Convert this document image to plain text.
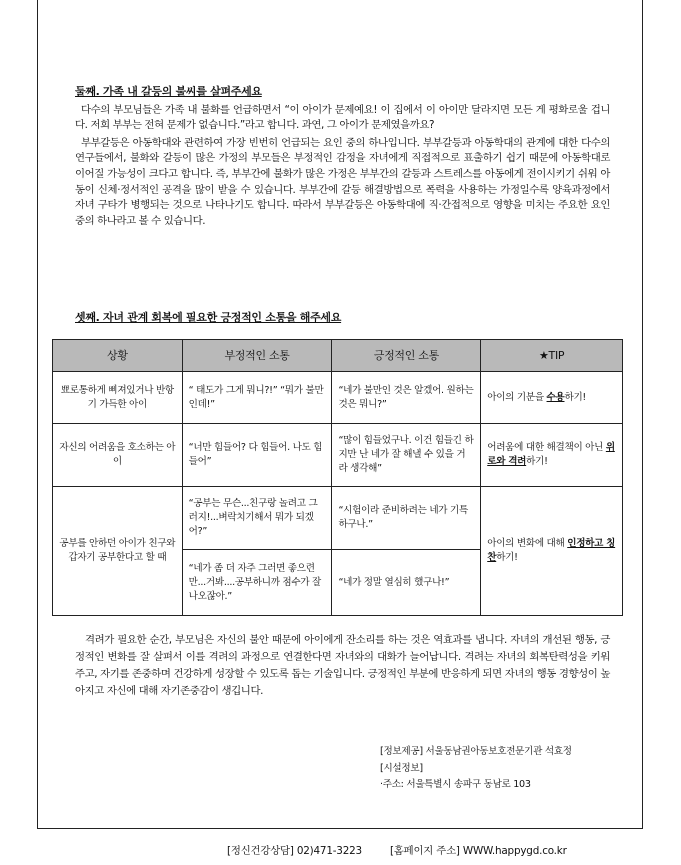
둘째. 가족 내 갈등의 불씨를 살펴주세요

다수의 부모님들은 가족 내 불화를 언급하면서 “이 아이가 문제예요! 이 집에서 이 아이만 달라지면 모든 게 평화로울 겁니다. 저희 부부는 전혀 문제가 없습니다.”라고 합니다. 과연, 그 아이가 문제였을까요?

부부갈등은 아동학대와 관련하여 가장 빈번히 언급되는 요인 중의 하나입니다. 부부갈등과 아동학대의 관계에 대한 다수의 연구들에서, 불화와 갈등이 많은 가정의 부모들은 부정적인 감정을 자녀에게 직접적으로 표출하기 쉽기 때문에 아동학대로 이어질 가능성이 크다고 합니다. 즉, 부부간에 불화가 많은 가정은 부부간의 갈등과 스트레스를 아동에게 전이시키기 쉬워 아동이 신체·정서적인 공격을 많이 받을 수 있습니다. 부부간에 갈등 해결방법으로 폭력을 사용하는 가정일수록 양육과정에서 자녀 구타가 병행되는 것으로 나타나기도 합니다. 따라서 부부갈등은 아동학대에 직·간접적으로 영향을 미치는 주요한 요인 중의 하나라고 볼 수 있습니다.

셋째. 자녀 관계 회복에 필요한 긍정적인 소통을 해주세요

상황	부정적인 소통	긍정적인 소통	★TIP
뾰로통하게 삐져있거나 반항기 가득한 아이	“ 태도가 그게 뭐니?!” “뭐가 불만인데!”	“네가 불만인 것은 알겠어. 원하는 것은 뭐니?”	아이의 기분을 수용하기!
자신의 어려움을 호소하는 아이	“너만 힘들어? 다 힘들어. 나도 힘들어”	“많이 힘들었구나. 이건 힘들긴 하지만 난 네가 잘 해낼 수 있을 거라 생각해”	어려움에 대한 해결책이 아닌 위로와 격려하기!
공부를 안하던 아이가 친구와 갑자기 공부한다고 할 때	“공부는 무슨...친구랑 놀려고 그러지!...벼락치기해서 뭐가 되겠어?”	“시험이라 준비하려는 네가 기특하구나.”	아이의 변화에 대해 인정하고 칭찬하기!
	“네가 좀 더 자주 그러면 좋으련만...거봐....공부하니까 점수가 잘 나오잖아.”	“네가 정말 열심히 했구나!”	

격려가 필요한 순간, 부모님은 자신의 불안 때문에 아이에게 잔소리를 하는 것은 역효과를 냅니다. 자녀의 개선된 행동, 긍정적인 변화를 잘 살펴서 이를 격려의 과정으로 연결한다면 자녀와의 대화가 늘어납니다. 격려는 자녀의 회복탄력성을 키워주고, 자기를 존중하며 건강하게 성장할 수 있도록 돕는 기술입니다. 긍정적인 부분에 반응하게 되면 자녀의 행동 경향성이 높아지고 자신에 대해 자기존중감이 생깁니다.

[정보제공] 서울동남권아동보호전문기관 석효정
[시설정보]
·주소: 서울특별시 송파구 동남로 103
[정신건강상담] 02)471-3223	[홈페이지 주소] WWW.happygd.co.kr
